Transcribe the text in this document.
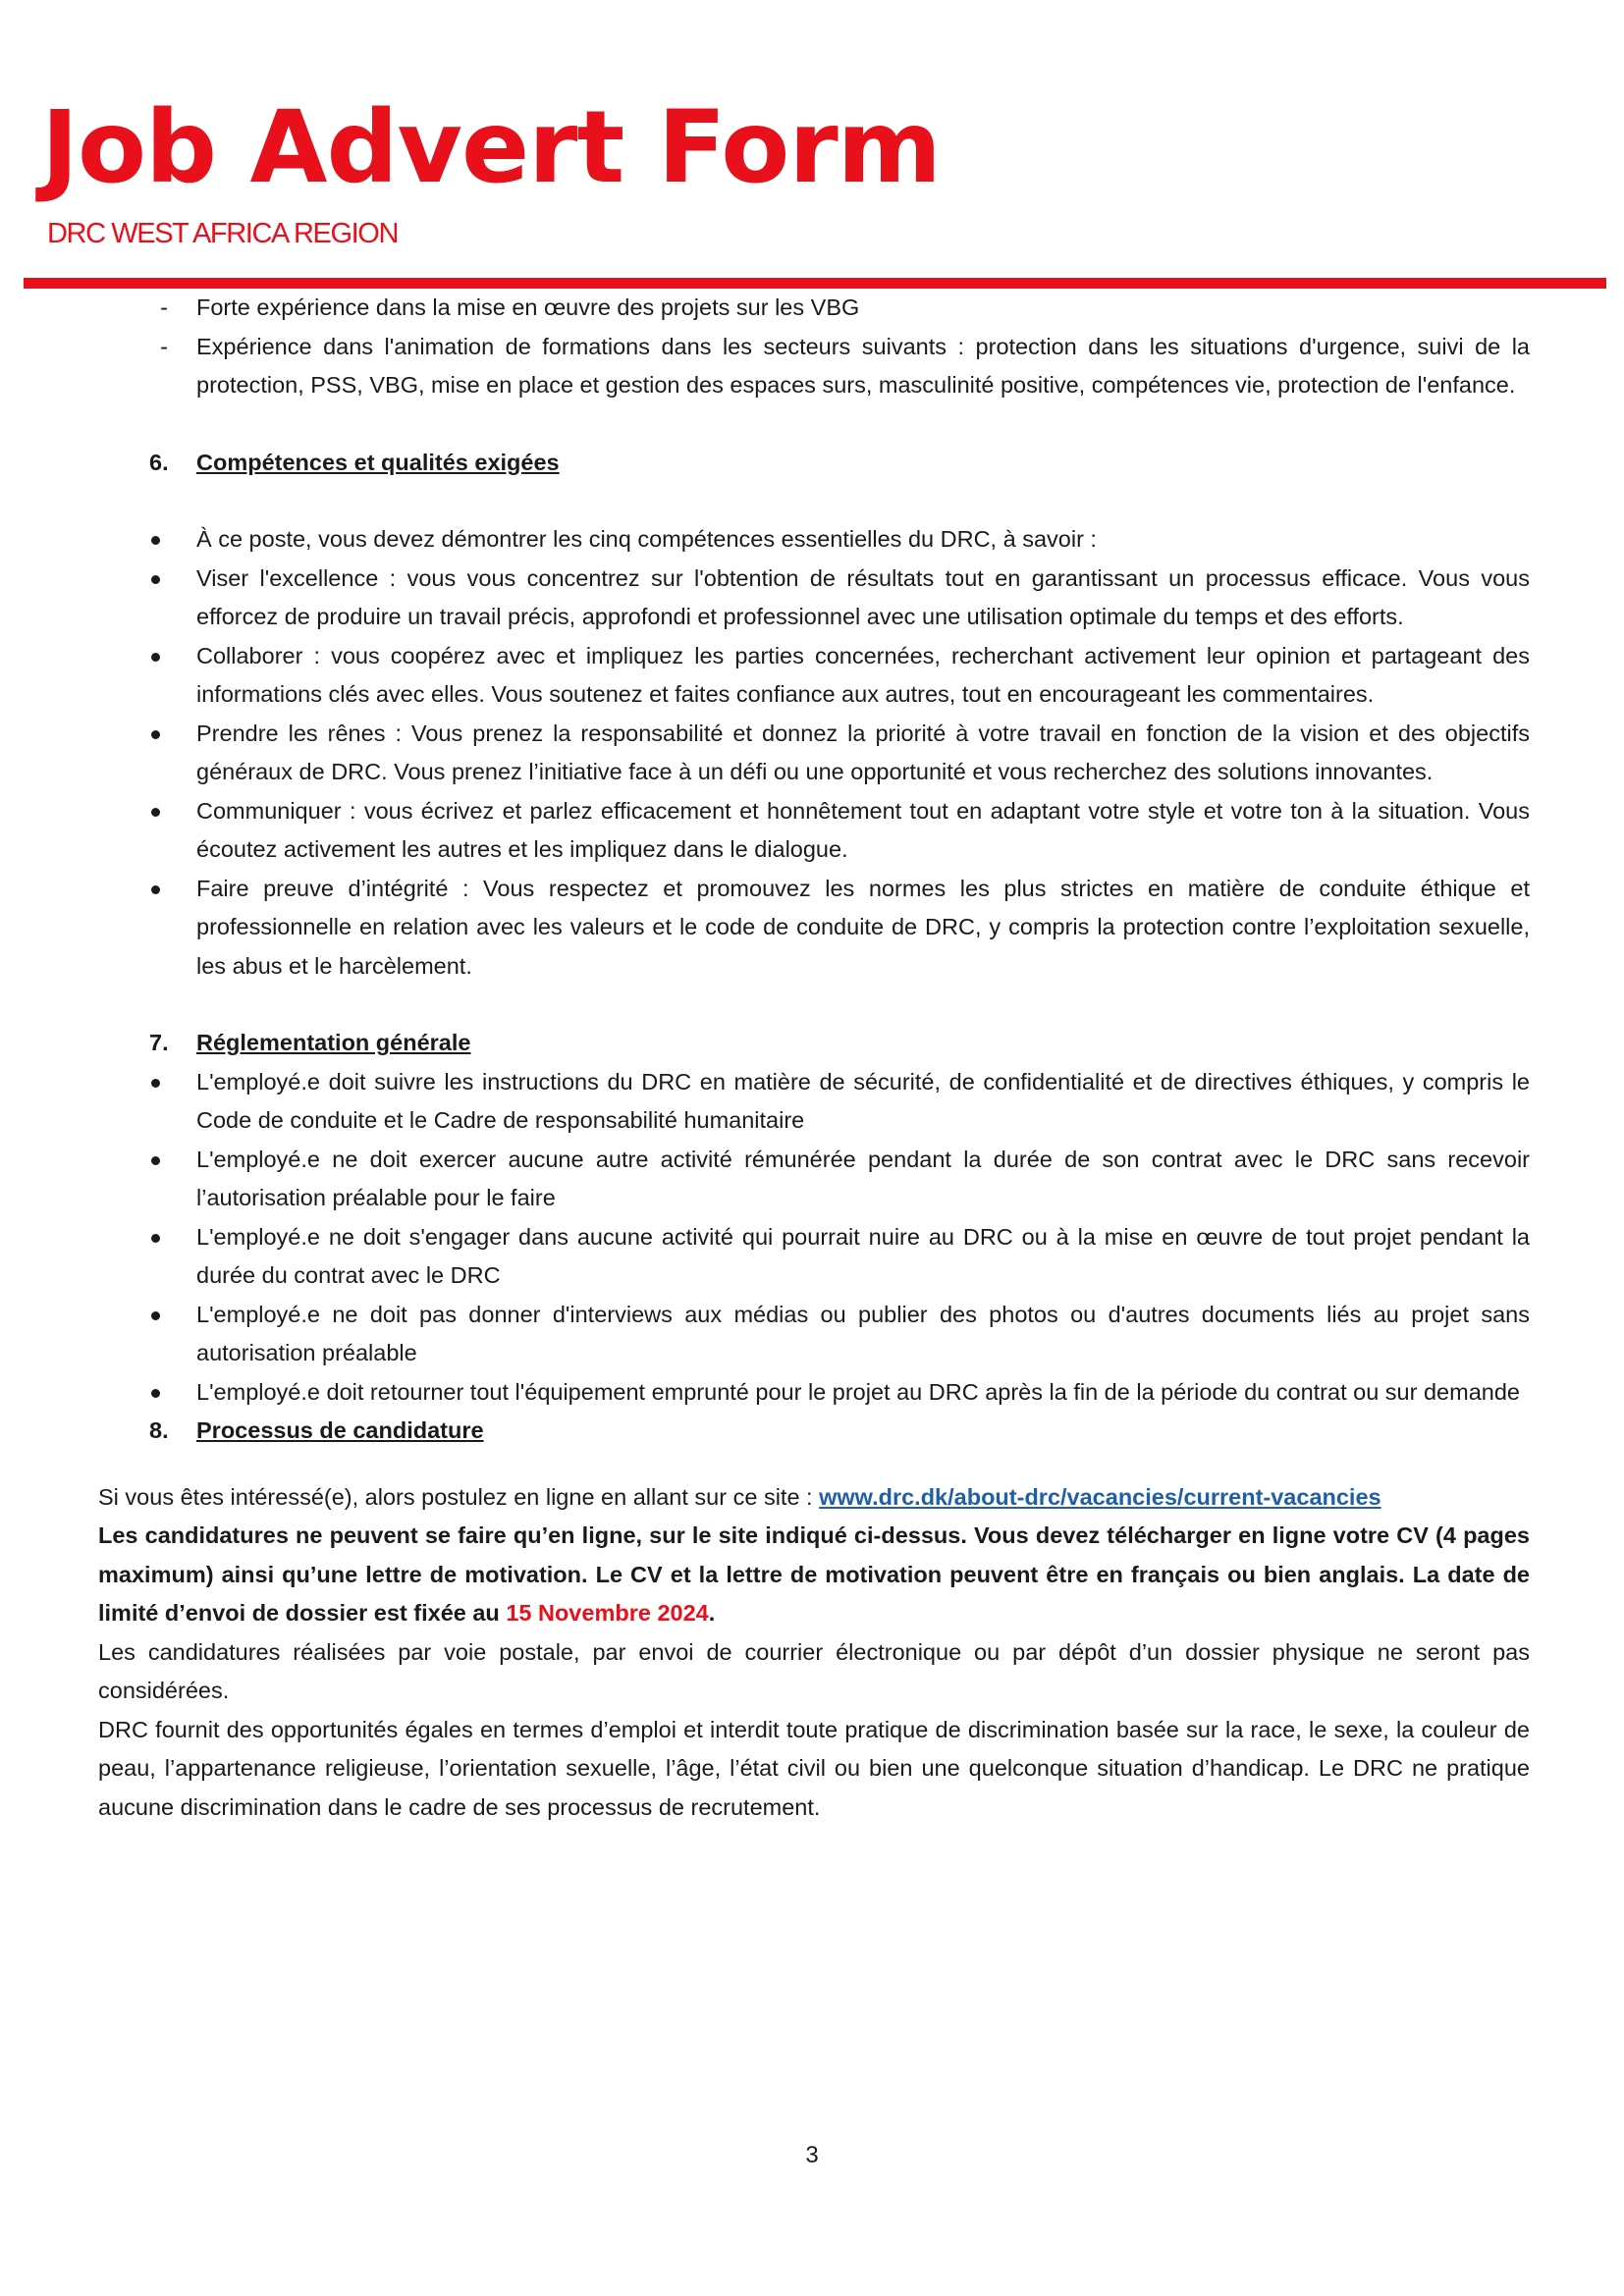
Job Advert Form
DRC WEST AFRICA REGION
-	Forte expérience dans la mise en œuvre des projets sur les VBG
-	Expérience dans l'animation de formations dans les secteurs suivants : protection dans les situations d'urgence, suivi de la protection, PSS, VBG, mise en place et gestion des espaces surs, masculinité positive, compétences vie, protection de l'enfance.
6. Compétences et qualités exigées
À ce poste, vous devez démontrer les cinq compétences essentielles du DRC, à savoir :
Viser l'excellence : vous vous concentrez sur l'obtention de résultats tout en garantissant un processus efficace. Vous vous efforcez de produire un travail précis, approfondi et professionnel avec une utilisation optimale du temps et des efforts.
Collaborer : vous coopérez avec et impliquez les parties concernées, recherchant activement leur opinion et partageant des informations clés avec elles. Vous soutenez et faites confiance aux autres, tout en encourageant les commentaires.
Prendre les rênes : Vous prenez la responsabilité et donnez la priorité à votre travail en fonction de la vision et des objectifs généraux de DRC. Vous prenez l’initiative face à un défi ou une opportunité et vous recherchez des solutions innovantes.
Communiquer : vous écrivez et parlez efficacement et honnêtement tout en adaptant votre style et votre ton à la situation. Vous écoutez activement les autres et les impliquez dans le dialogue.
Faire preuve d’intégrité : Vous respectez et promouvez les normes les plus strictes en matière de conduite éthique et professionnelle en relation avec les valeurs et le code de conduite de DRC, y compris la protection contre l’exploitation sexuelle, les abus et le harcèlement.
7. Réglementation générale
L'employé.e doit suivre les instructions du DRC en matière de sécurité, de confidentialité et de directives éthiques, y compris le Code de conduite et le Cadre de responsabilité humanitaire
L'employé.e ne doit exercer aucune autre activité rémunérée pendant la durée de son contrat avec le DRC sans recevoir l’autorisation préalable pour le faire
L'employé.e ne doit s'engager dans aucune activité qui pourrait nuire au DRC ou à la mise en œuvre de tout projet pendant la durée du contrat avec le DRC
L'employé.e ne doit pas donner d'interviews aux médias ou publier des photos ou d'autres documents liés au projet sans autorisation préalable
L'employé.e doit retourner tout l'équipement emprunté pour le projet au DRC après la fin de la période du contrat ou sur demande
8. Processus de candidature
Si vous êtes intéressé(e), alors postulez en ligne en allant sur ce site : www.drc.dk/about-drc/vacancies/current-vacancies
Les candidatures ne peuvent se faire qu’en ligne, sur le site indiqué ci-dessus. Vous devez télécharger en ligne votre CV (4 pages maximum) ainsi qu’une lettre de motivation. Le CV et la lettre de motivation peuvent être en français ou bien anglais. La date de limité d’envoi de dossier est fixée au 15 Novembre 2024.
Les candidatures réalisées par voie postale, par envoi de courrier électronique ou par dépôt d’un dossier physique ne seront pas considérées.
DRC fournit des opportunités égales en termes d’emploi et interdit toute pratique de discrimination basée sur la race, le sexe, la couleur de peau, l’appartenance religieuse, l’orientation sexuelle, l’âge, l’état civil ou bien une quelconque situation d’handicap. Le DRC ne pratique aucune discrimination dans le cadre de ses processus de recrutement.
3
